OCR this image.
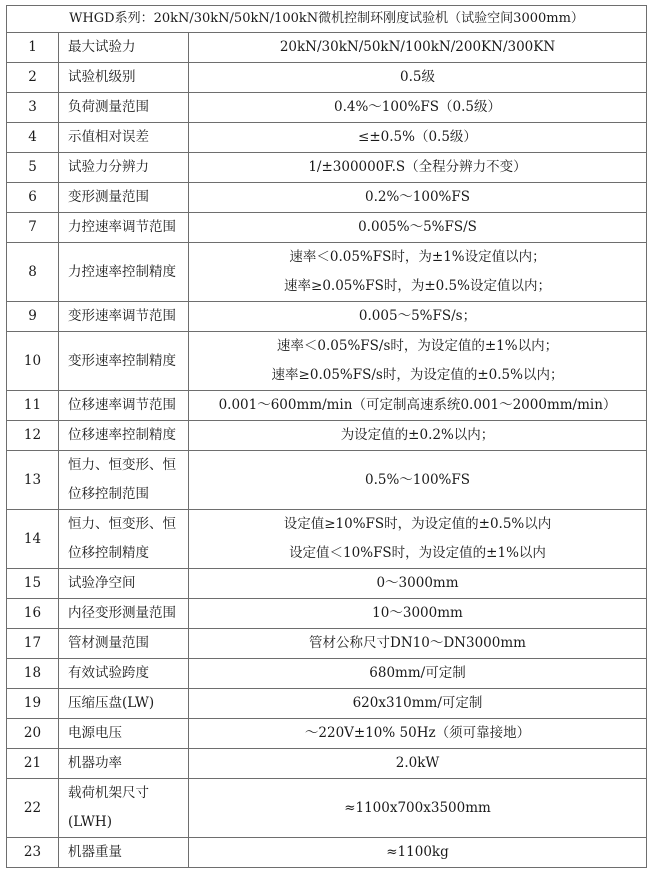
WHGD系列：20kN/30kN/50kN/100kN微机控制环刚度试验机（试验空间3000mm）		
1	最大试验力	20kN/30kN/50kN/100kN/200KN/300KN

2	试验机级别	0.5级

3	负荷测量范围	0.4%～100%FS（0.5级）

4	示值相对误差	≤±0.5%（0.5级）

5	试验力分辨力	1/±300000F.S（全程分辨力不变）

6	变形测量范围	0.2%～100%FS

7	力控速率调节范围	0.005%～5%FS/S

8	力控速率控制精度	速率＜0.05%FS时，为±1%设定值以内；
速率≥0.05%FS时，为±0.5%设定值以内；

9	变形速率调节范围	0.005～5%FS/s；

10	变形速率控制精度	速率＜0.05%FS/s时，为设定值的±1%以内；
速率≥0.05%FS/s时，为设定值的±0.5%以内；

11	位移速率调节范围	0.001～600mm/min（可定制高速系统0.001～2000mm/min）

12	位移速率控制精度	为设定值的±0.2%以内；

13	恒力、恒变形、恒
位移控制范围	0.5%～100%FS

14	恒力、恒变形、恒
位移控制精度	设定值≥10%FS时，为设定值的±0.5%以内
设定值＜10%FS时，为设定值的±1%以内

15	试验净空间	0～3000mm

16	内径变形测量范围	10～3000mm

17	管材测量范围	管材公称尺寸DN10～DN3000mm

18	有效试验跨度	680mm/可定制

19	压缩压盘(LW)	620x310mm/可定制

20	电源电压	～220V±10% 50Hz（须可靠接地）

21	机器功率	2.0kW

22	载荷机架尺寸(LWH)	≈1100x700x3500mm

23	机器重量	≈1100kg
